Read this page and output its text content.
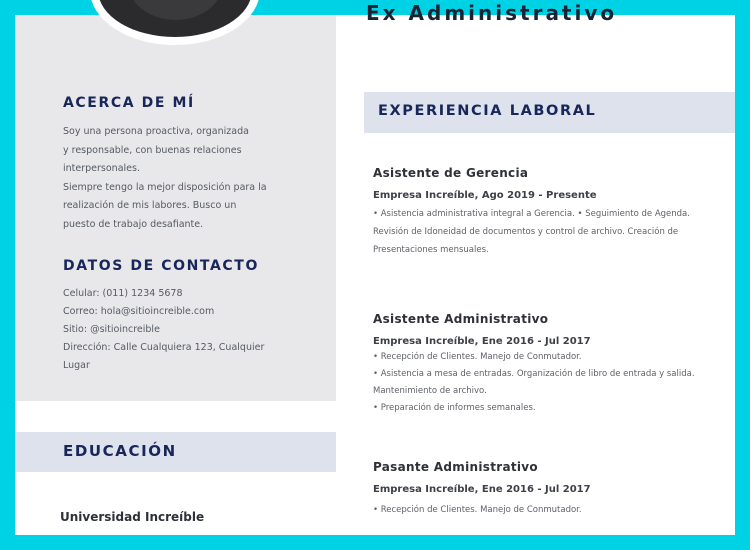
ACERCA DE MÍ
Soy una persona proactiva, organizada
y responsable, con buenas relaciones
interpersonales.
Siempre tengo la mejor disposición para la
realización de mis labores. Busco un
puesto de trabajo desafiante.
DATOS DE CONTACTO
Celular: (011) 1234 5678
Correo: hola@sitioincreible.com
Sitio: @sitioincreible
Dirección: Calle Cualquiera 123, Cualquier
Lugar
EDUCACIÓN
Universidad Increíble
Ex Administrativo
EXPERIENCIA LABORAL
Asistente de Gerencia
Empresa Increíble, Ago 2019 - Presente
• Asistencia administrativa integral a Gerencia. • Seguimiento de Agenda. Revisión de Idoneidad de documentos y control de archivo. Creación de Presentaciones mensuales.
Asistente Administrativo
Empresa Increíble, Ene 2016 - Jul 2017
• Recepción de Clientes. Manejo de Conmutador.
• Asistencia a mesa de entradas. Organización de libro de entrada y salida. Mantenimiento de archivo.
• Preparación de informes semanales.
Pasante Administrativo
Empresa Increíble, Ene 2016 - Jul 2017
• Recepción de Clientes. Manejo de Conmutador.
